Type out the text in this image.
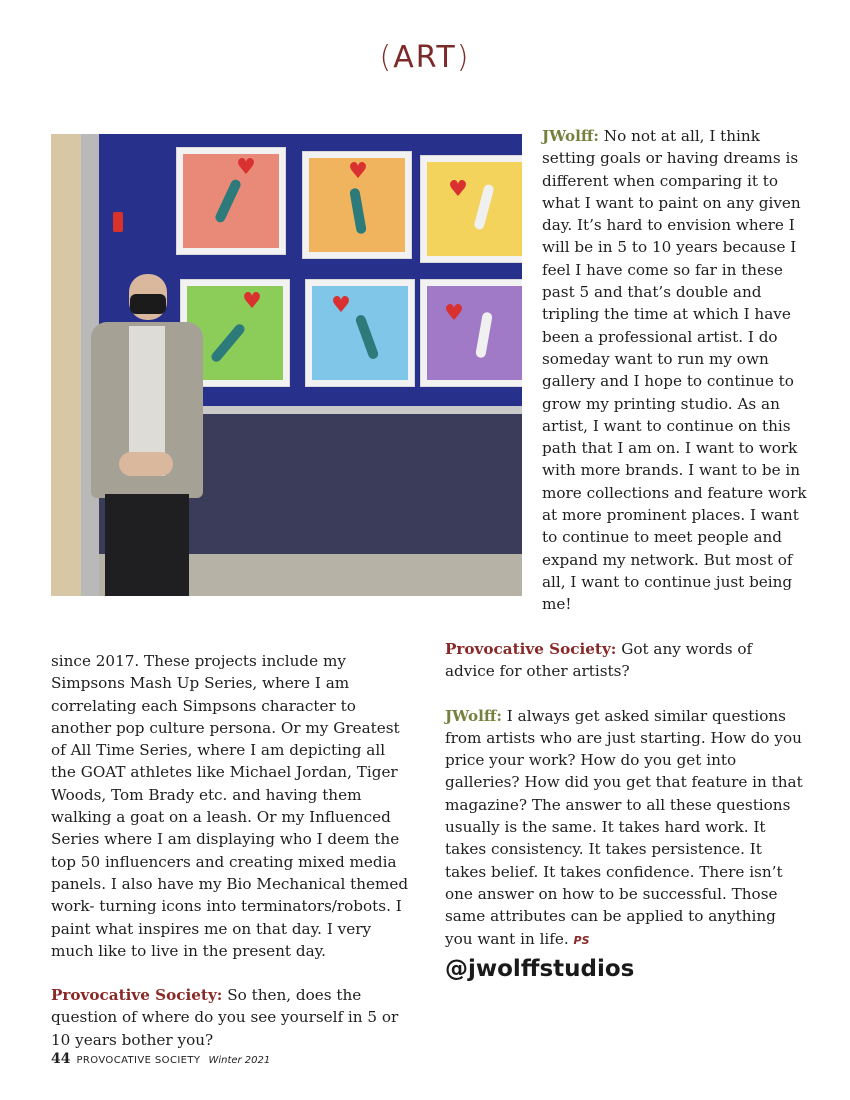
(ART)
♥	♥
♥
♥	♥	♥

JWolff: No not at all, I think setting goals or having dreams is different when comparing it to what I want to paint on any given day. It’s hard to envision where I will be in 5 to 10 years because I feel I have come so far in these past 5 and that’s double and tripling the time at which I have been a professional artist. I do someday want to run my own gallery and I hope to continue to grow my printing studio. As an artist, I want to continue on this path that I am on. I want to work with more brands. I want to be in more collections and feature work at more prominent places. I want to continue to meet people and expand my network. But most of all, I want to continue just being me!

since 2017. These projects include my Simpsons Mash Up Series, where I am correlating each Simpsons character to another pop culture persona. Or my Greatest of All Time Series, where I am depicting all the GOAT athletes like Michael Jordan, Tiger Woods, Tom Brady etc. and having them walking a goat on a leash. Or my Influenced Series where I am displaying who I deem the top 50 influencers and creating mixed media panels. I also have my Bio Mechanical themed work- turning icons into terminators/robots. I paint what inspires me on that day. I very much like to live in the present day.

Provocative Society: So then, does the question of where do you see yourself in 5 or 10 years bother you?

Provocative Society: Got any words of advice for other artists?

JWolff: I always get asked similar questions from artists who are just starting. How do you price your work? How do you get into galleries? How did you get that feature in that magazine? The answer to all these questions usually is the same. It takes hard work. It takes consistency. It takes persistence. It takes belief. It takes confidence. There isn’t one answer on how to be successful. Those same attributes can be applied to anything you want in life. PS

@jwolffstudios
44 PROVOCATIVE SOCIETY Winter 2021
